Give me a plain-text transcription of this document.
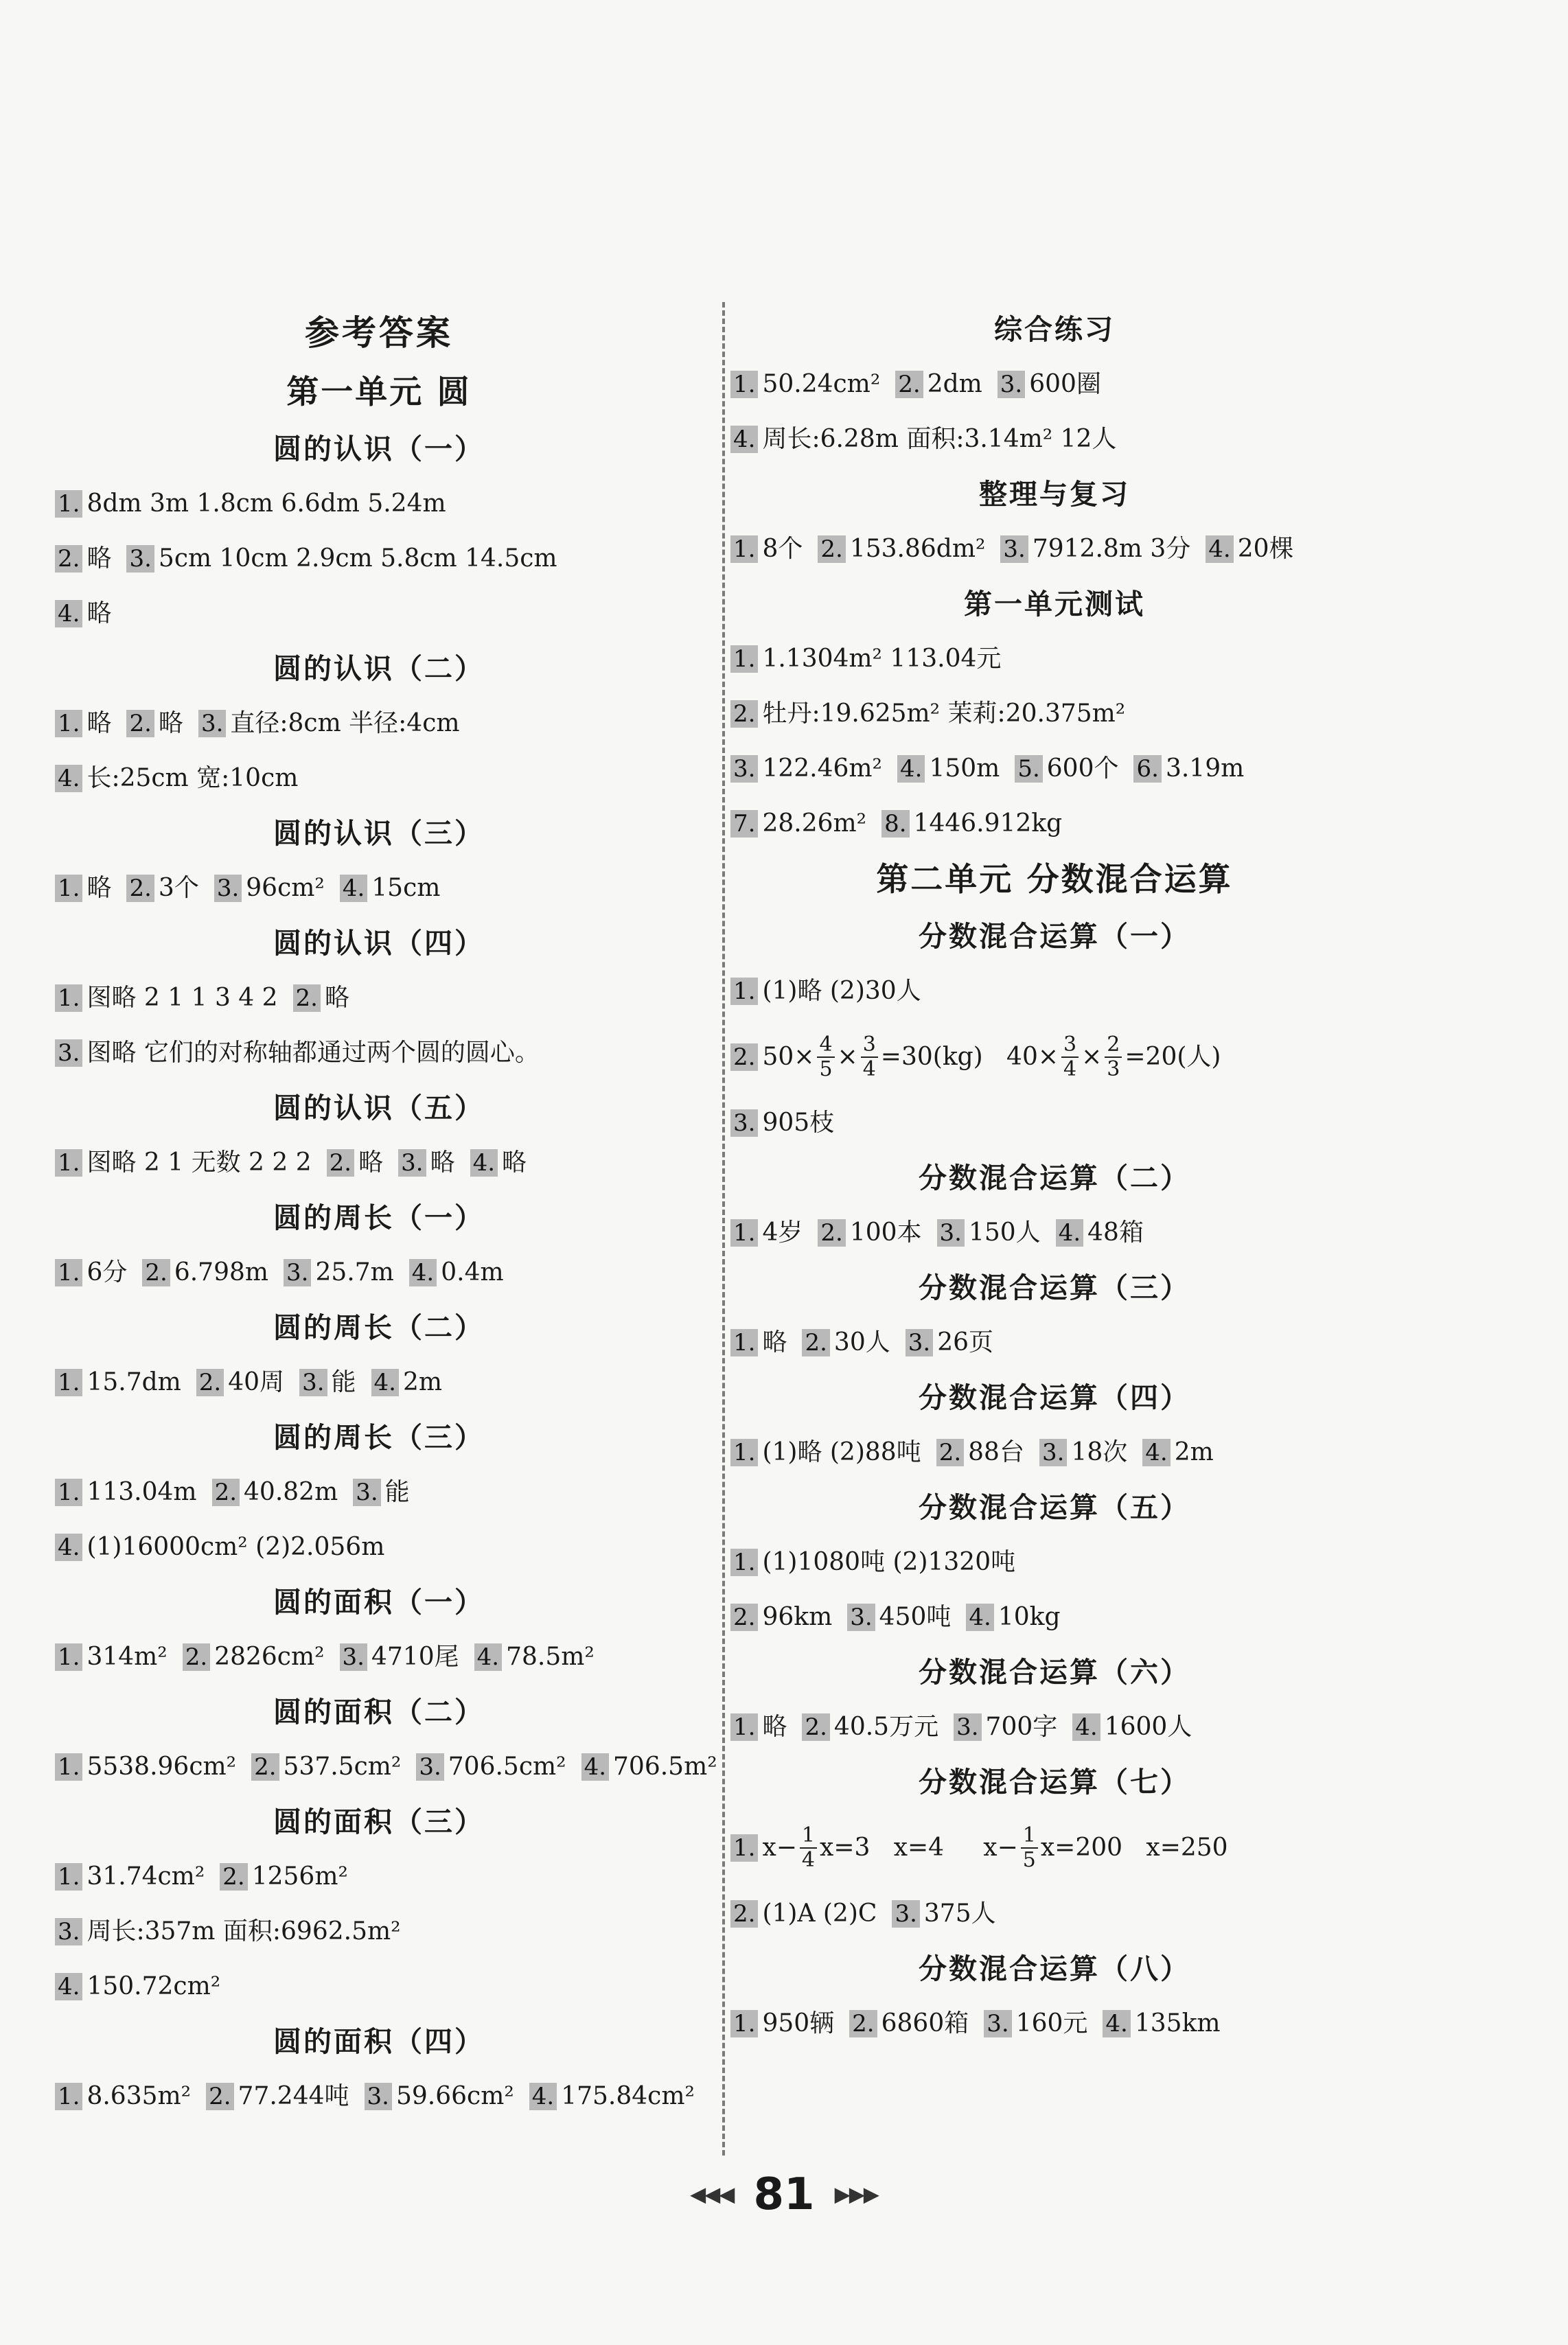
参考答案
第一单元 圆
圆的认识（一）
1. 8dm 3m 1.8cm 6.6dm 5.24m
2. 略 3. 5cm 10cm 2.9cm 5.8cm 14.5cm
4. 略
圆的认识（二）
1. 略 2. 略 3. 直径:8cm 半径:4cm
4. 长:25cm 宽:10cm
圆的认识（三）
1. 略 2. 3个 3. 96cm² 4. 15cm
圆的认识（四）
1. 图略 2 1 1 3 4 2 2. 略
3. 图略 它们的对称轴都通过两个圆的圆心。
圆的认识（五）
1. 图略 2 1 无数 2 2 2 2. 略 3. 略 4. 略
圆的周长（一）
1. 6分 2. 6.798m 3. 25.7m 4. 0.4m
圆的周长（二）
1. 15.7dm 2. 40周 3. 能 4. 2m
圆的周长（三）
1. 113.04m 2. 40.82m 3. 能
4. (1)16000cm² (2)2.056m
圆的面积（一）
1. 314m² 2. 2826cm² 3. 4710尾 4. 78.5m²
圆的面积（二）
1. 5538.96cm² 2. 537.5cm² 3. 706.5cm² 4. 706.5m²
圆的面积（三）
1. 31.74cm² 2. 1256m²
3. 周长:357m 面积:6962.5m²
4. 150.72cm²
圆的面积（四）
1. 8.635m² 2. 77.244吨 3. 59.66cm² 4. 175.84cm²
综合练习
1. 50.24cm² 2. 2dm 3. 600圈
4. 周长:6.28m 面积:3.14m² 12人
整理与复习
1. 8个 2. 153.86dm² 3. 7912.8m 3分 4. 20棵
第一单元测试
1. 1.1304m² 113.04元
2. 牡丹:19.625m² 茉莉:20.375m²
3. 122.46m² 4. 150m 5. 600个 6. 3.19m
7. 28.26m² 8. 1446.912kg
第二单元 分数混合运算
分数混合运算（一）
1. (1)略 (2)30人
2. $50\times \frac{4}{5} \times \frac{3}{4} =30(kg)$   $40\times \frac{3}{4} \times \frac{2}{3} =20$(人)
3. 905枝
分数混合运算（二）
1. 4岁 2. 100本 3. 150人 4. 48箱
分数混合运算（三）
1. 略 2. 30人 3. 26页
分数混合运算（四）
1. (1)略 (2)88吨 2. 88台 3. 18次 4. 2m
分数混合运算（五）
1. (1)1080吨 (2)1320吨
2. 96km 3. 450吨 4. 10kg
分数混合运算（六）
1. 略 2. 40.5万元 3. 700字 4. 1600人
分数混合运算（七）
1. $x- \frac{1}{4} x=3$   x=4     $x- \frac{1}{5} x=200$   x=250
2. (1)A (2)C 3. 375人
分数混合运算（八）
1. 950辆 2. 6860箱 3. 160元 4. 135km
◀◀◀ 81 ▶▶▶
